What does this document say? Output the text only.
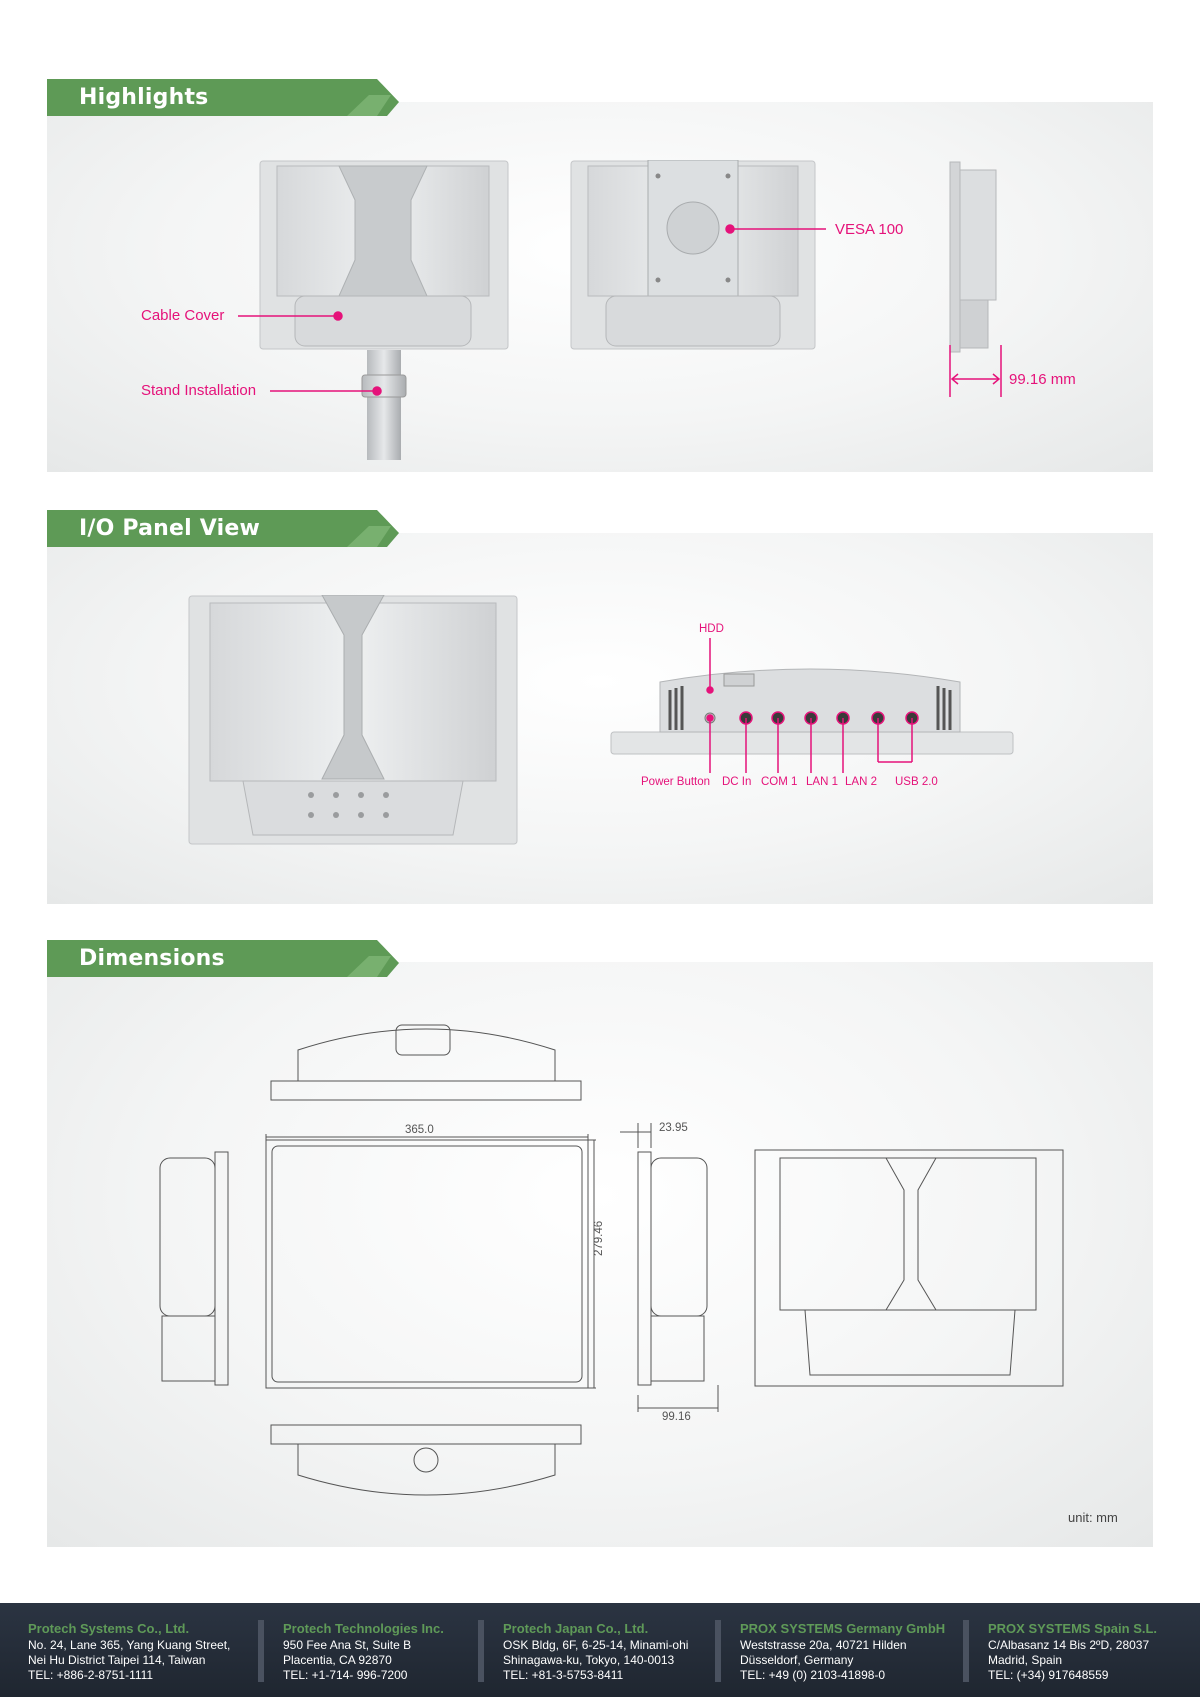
Highlights
Cable Cover
Stand Installation
VESA 100
99.16 mm
I/O Panel View
HDD
Power Button DC In COM 1 LAN 1 LAN 2 USB 2.0
Dimensions
365.0
279.46
23.95
99.16
unit: mm
Protech Systems Co., Ltd.
No. 24, Lane 365, Yang Kuang Street,
Nei Hu District Taipei 114, Taiwan
TEL: +886-2-8751-1111
Protech Technologies Inc.
950 Fee Ana St, Suite B
Placentia, CA 92870
TEL: +1-714- 996-7200
Protech Japan Co., Ltd.
OSK Bldg, 6F, 6-25-14, Minami-ohi
Shinagawa-ku, Tokyo, 140-0013
TEL: +81-3-5753-8411
PROX SYSTEMS Germany GmbH
Weststrasse 20a, 40721 Hilden
Düsseldorf, Germany
TEL: +49 (0) 2103-41898-0
PROX SYSTEMS Spain S.L.
C/Albasanz 14 Bis 2ºD, 28037
Madrid, Spain
TEL: (+34) 917648559
